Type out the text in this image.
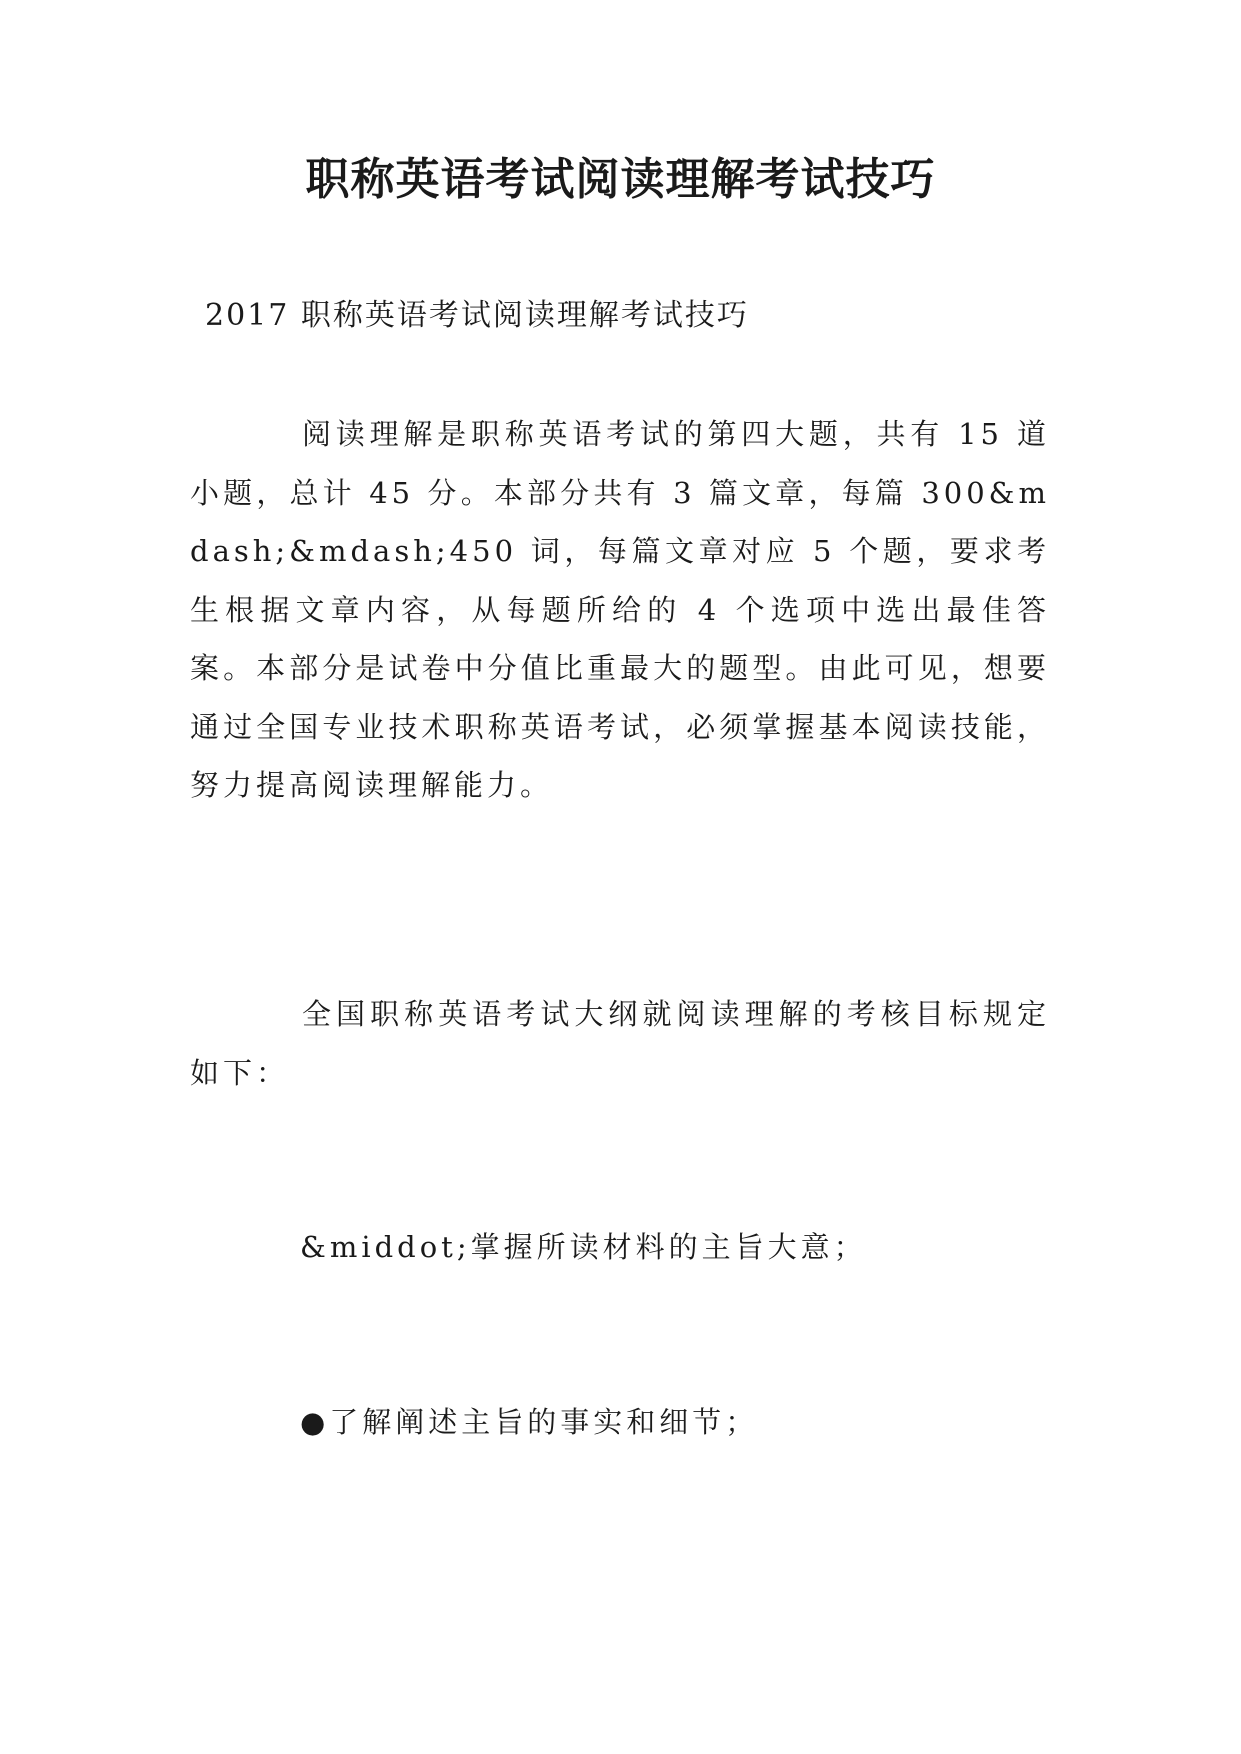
职称英语考试阅读理解考试技巧

2017 职称英语考试阅读理解考试技巧

阅读理解是职称英语考试的第四大题，共有 15 道小题，总计 45 分。本部分共有 3 篇文章，每篇 300&mdash;&mdash;450 词，每篇文章对应 5 个题，要求考生根据文章内容，从每题所给的 4 个选项中选出最佳答案。本部分是试卷中分值比重最大的题型。由此可见，想要通过全国专业技术职称英语考试，必须掌握基本阅读技能，努力提高阅读理解能力。

全国职称英语考试大纲就阅读理解的考核目标规定如下：

&middot;掌握所读材料的主旨大意；

●了解阐述主旨的事实和细节；
